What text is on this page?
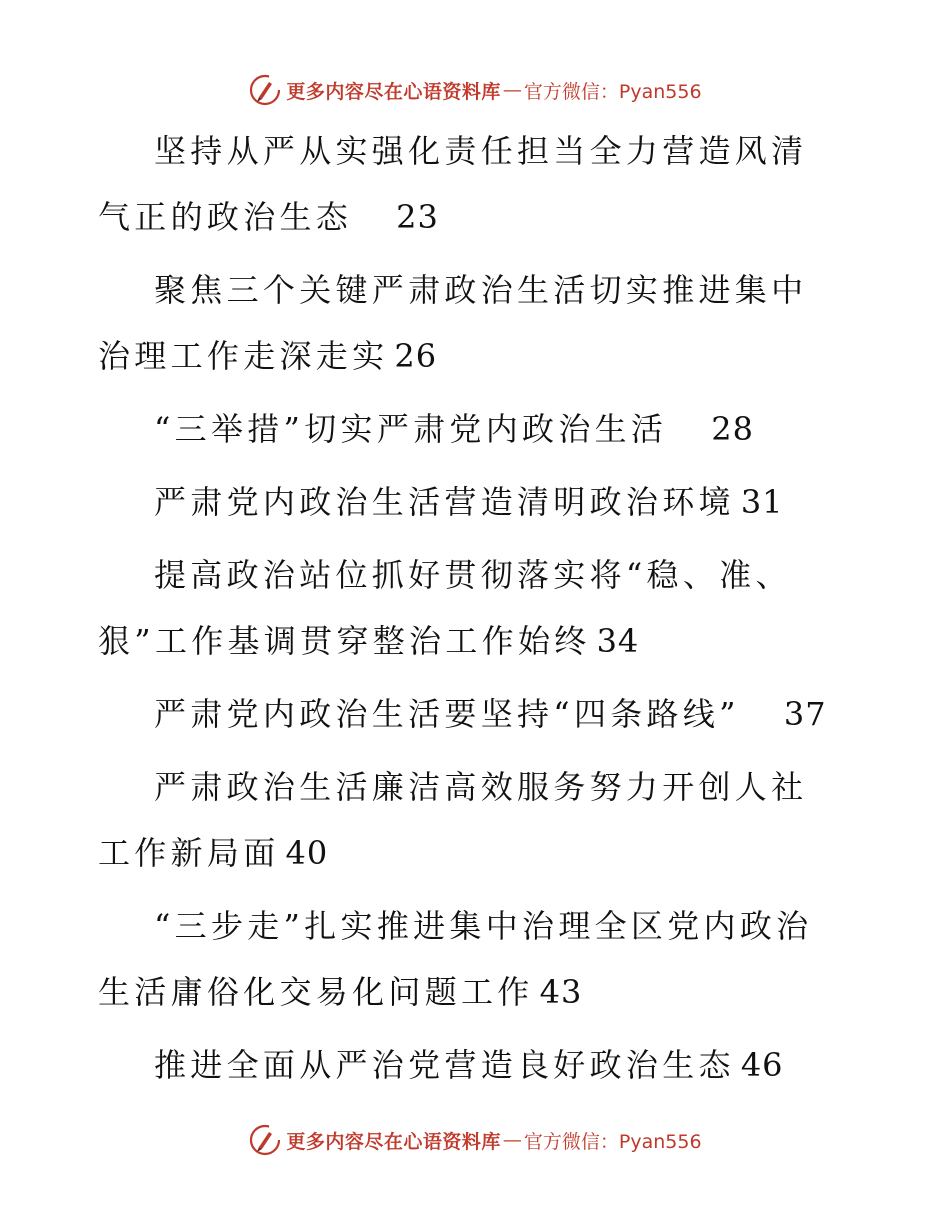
更多内容尽在心语资料库 — 官方微信：Pyan556

坚持从严从实强化责任担当全力营造风清气正的政治生态 23

聚焦三个关键严肃政治生活切实推进集中治理工作走深走实 26

“三举措”切实严肃党内政治生活 28

严肃党内政治生活营造清明政治环境 31

提高政治站位抓好贯彻落实将“稳、准、狠”工作基调贯穿整治工作始终 34

严肃党内政治生活要坚持“四条路线” 37

严肃政治生活廉洁高效服务努力开创人社工作新局面 40

“三步走”扎实推进集中治理全区党内政治生活庸俗化交易化问题工作 43

推进全面从严治党营造良好政治生态 46

更多内容尽在心语资料库 — 官方微信：Pyan556
